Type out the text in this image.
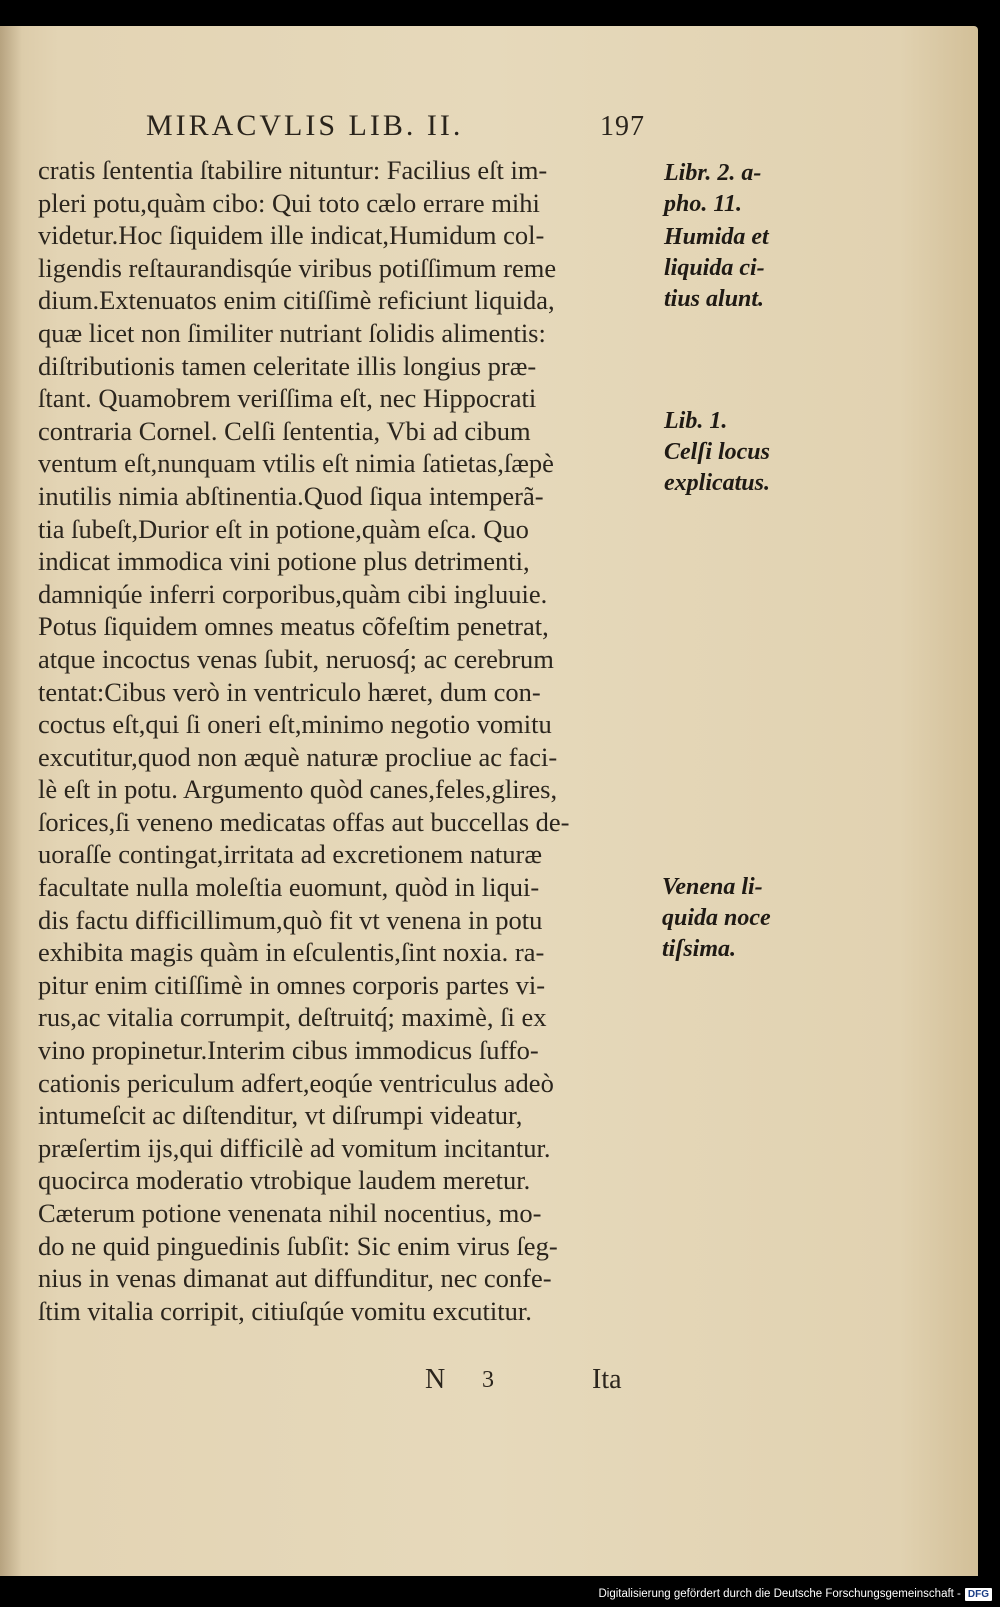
MIRACVLIS LIB. II.	197
cratis ſententia ſtabilire nituntur: Facilius eſt im-
pleri potu,quàm cibo: Qui toto cælo errare mihi
videtur.Hoc ſiquidem ille indicat,Humidum col-
ligendis reſtaurandisqúe viribus potiſſimum reme
dium.Extenuatos enim citiſſimè reficiunt liquida,
quæ licet non ſimiliter nutriant ſolidis alimentis:
diſtributionis tamen celeritate illis longius præ-
ſtant. Quamobrem veriſſima eſt, nec Hippocrati
contraria Cornel. Celſi ſententia, Vbi ad cibum
ventum eſt,nunquam vtilis eſt nimia ſatietas,ſæpè
inutilis nimia abſtinentia.Quod ſiqua intemperã-
tia ſubeſt,Durior eſt in potione,quàm eſca. Quo
indicat immodica vini potione plus detrimenti,
damniqúe inferri corporibus,quàm cibi ingluuie.
Potus ſiquidem omnes meatus cõfeſtim penetrat,
atque incoctus venas ſubit, neruosq́; ac cerebrum
tentat:Cibus verò in ventriculo hæret, dum con-
coctus eſt,qui ſi oneri eſt,minimo negotio vomitu
excutitur,quod non æquè naturæ procliue ac faci-
lè eſt in potu. Argumento quòd canes,feles,glires,
ſorices,ſi veneno medicatas offas aut buccellas de-
uoraſſe contingat,irritata ad excretionem naturæ
facultate nulla moleſtia euomunt, quòd in liqui-
dis factu difficillimum,quò fit vt venena in potu
exhibita magis quàm in eſculentis,ſint noxia. ra-
pitur enim citiſſimè in omnes corporis partes vi-
rus,ac vitalia corrumpit, deſtruitq́; maximè, ſi ex
vino propinetur.Interim cibus immodicus ſuffo-
cationis periculum adfert,eoqúe ventriculus adeò
intumeſcit ac diſtenditur, vt diſrumpi videatur,
præſertim ijs,qui difficilè ad vomitum incitantur.
quocirca moderatio vtrobique laudem meretur.
Cæterum potione venenata nihil nocentius, mo-
do ne quid pinguedinis ſubſit: Sic enim virus ſeg-
nius in venas dimanat aut diffunditur, nec confe-
ſtim vitalia corripit, citiuſqúe vomitu excutitur.
Libr. 2. a-
pho. 11.
Humida et
liquida ci-
tius alunt.
Lib. 1.
Celſi locus
explicatus.
Venena li-
quida noce
tiſsima.
N 3	Ita
Digitalisierung gefördert durch die Deutsche Forschungsgemeinschaft - DFG
